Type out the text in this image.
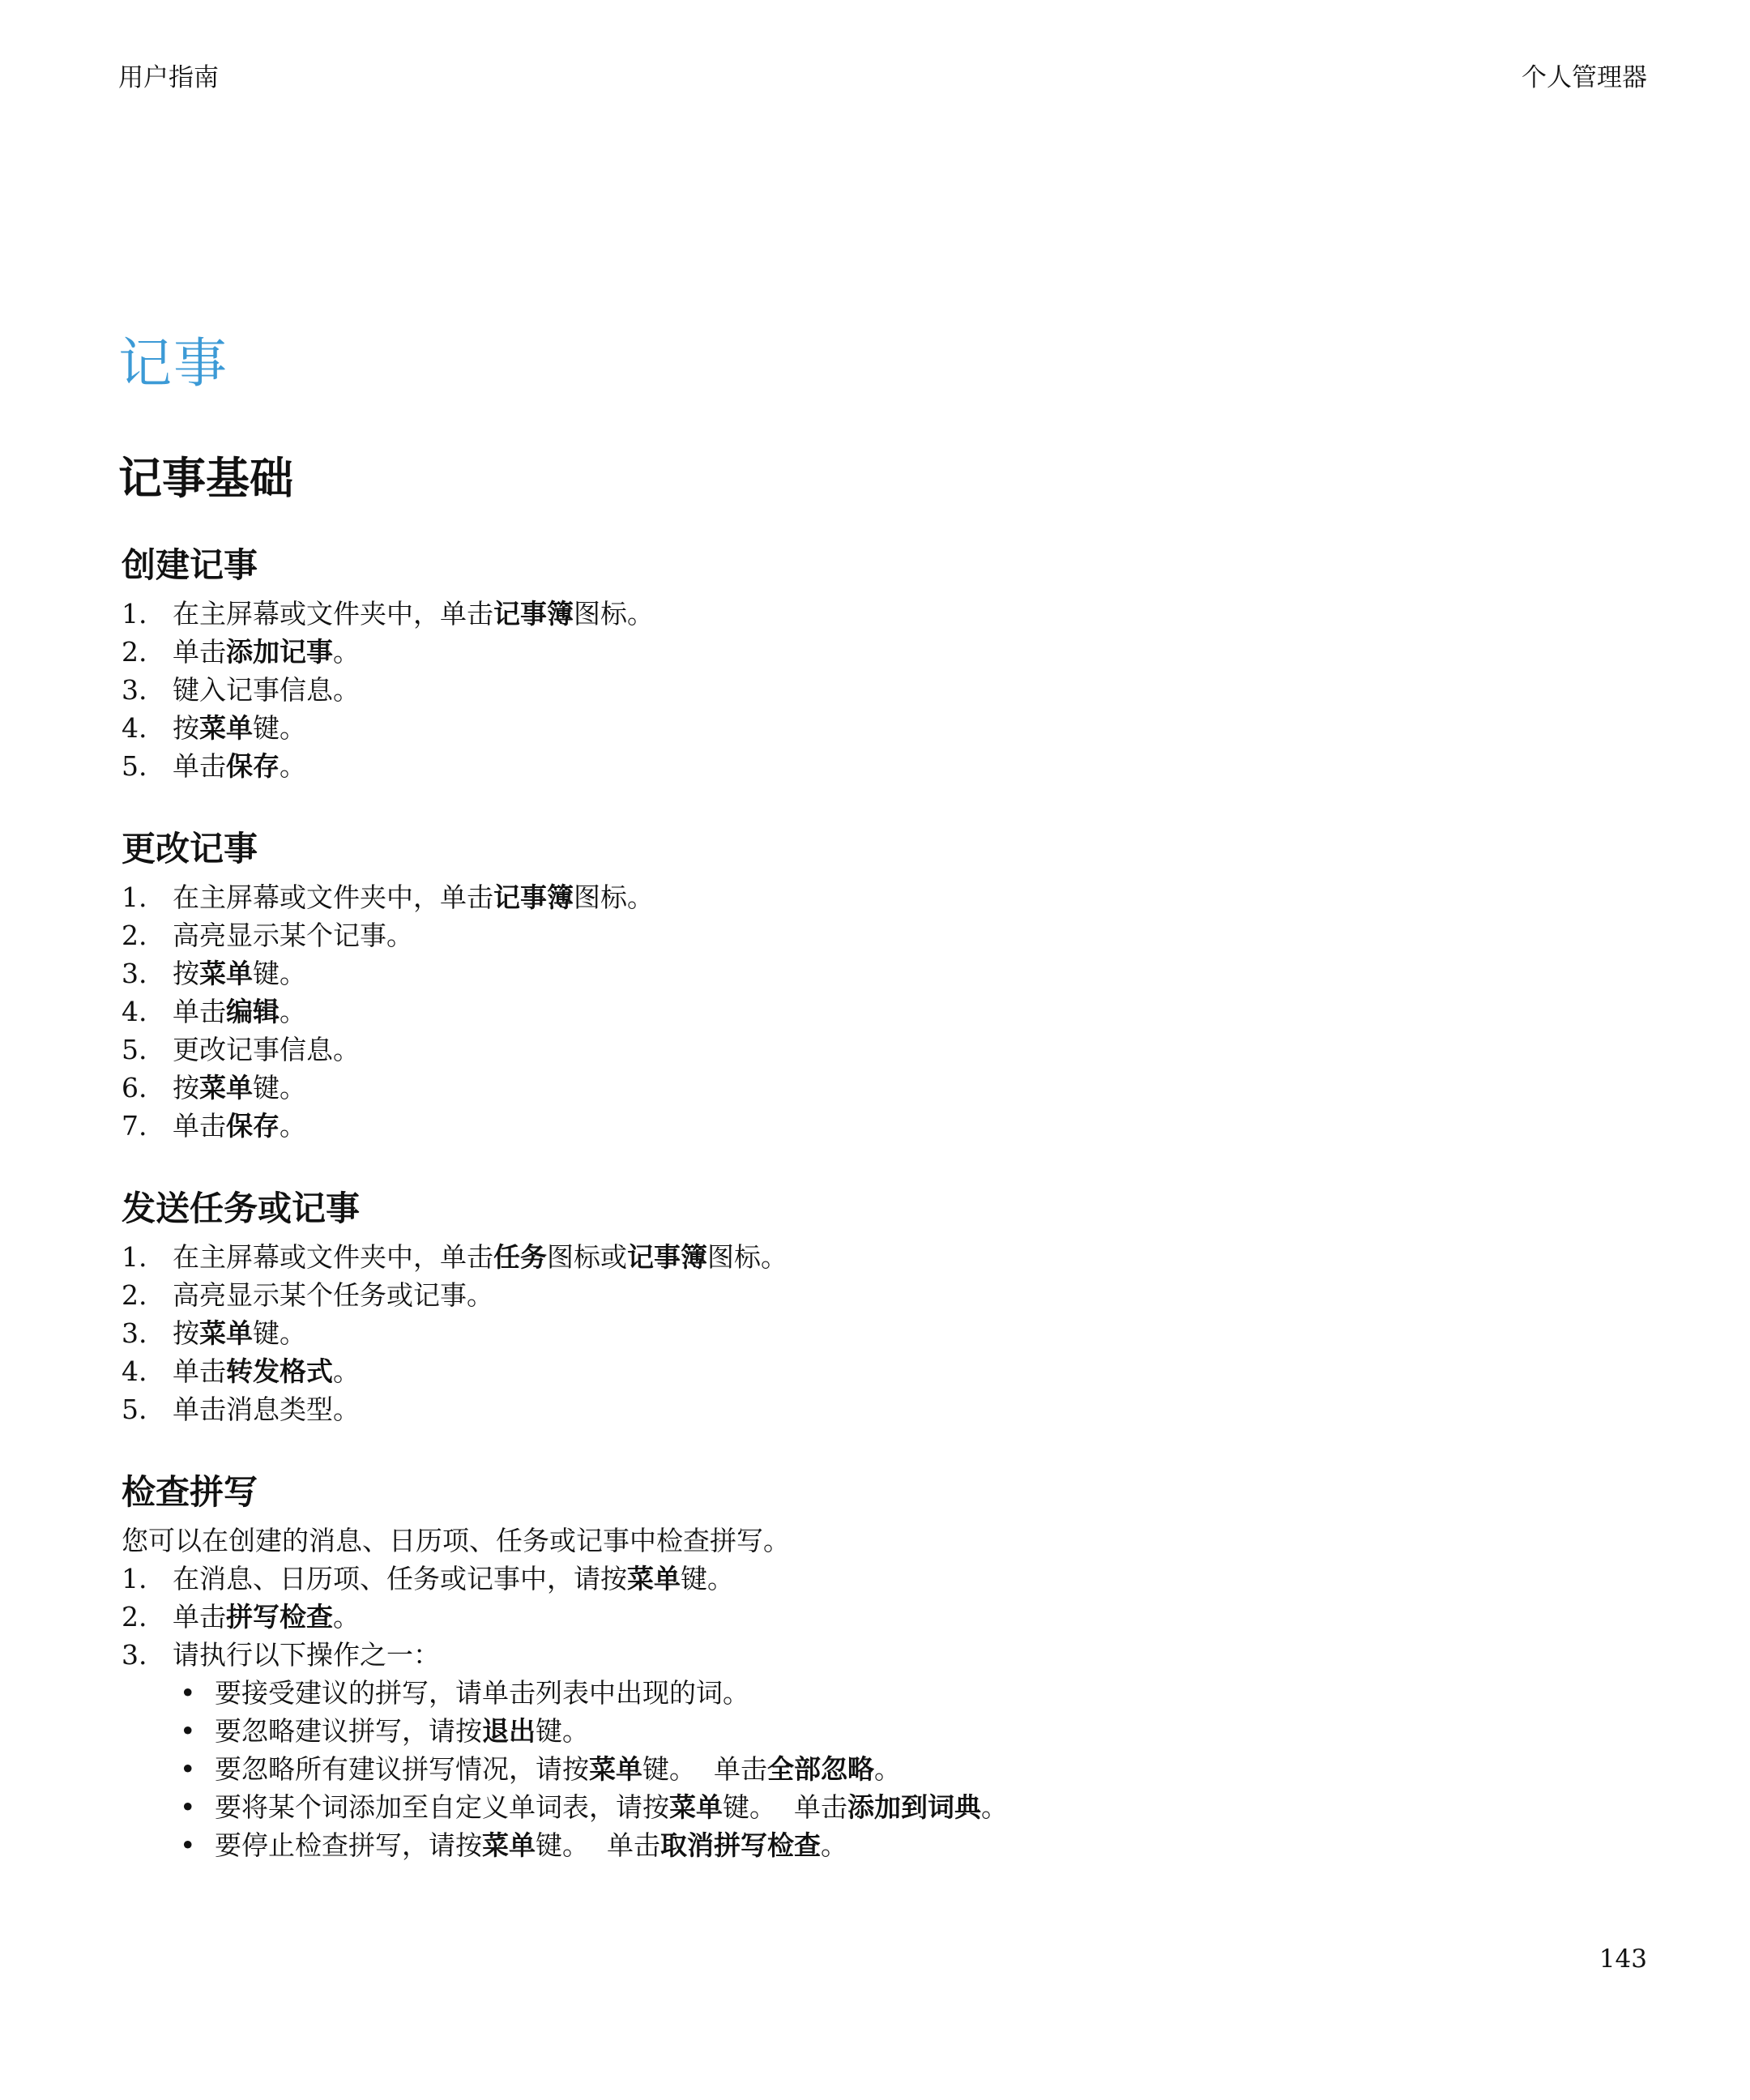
用户指南	个人管理器
记事
记事基础
创建记事
1. 在主屏幕或文件夹中，单击记事簿图标。
2. 单击添加记事。
3. 键入记事信息。
4. 按菜单键。
5. 单击保存。
更改记事
1. 在主屏幕或文件夹中，单击记事簿图标。
2. 高亮显示某个记事。
3. 按菜单键。
4. 单击编辑。
5. 更改记事信息。
6. 按菜单键。
7. 单击保存。
发送任务或记事
1. 在主屏幕或文件夹中，单击任务图标或记事簿图标。
2. 高亮显示某个任务或记事。
3. 按菜单键。
4. 单击转发格式。
5. 单击消息类型。
检查拼写
您可以在创建的消息、日历项、任务或记事中检查拼写。
1. 在消息、日历项、任务或记事中，请按菜单键。
2. 单击拼写检查。
3. 请执行以下操作之一：
• 要接受建议的拼写，请单击列表中出现的词。
• 要忽略建议拼写，请按退出键。
• 要忽略所有建议拼写情况，请按菜单键。 单击全部忽略。
• 要将某个词添加至自定义单词表，请按菜单键。 单击添加到词典。
• 要停止检查拼写，请按菜单键。 单击取消拼写检查。
143
